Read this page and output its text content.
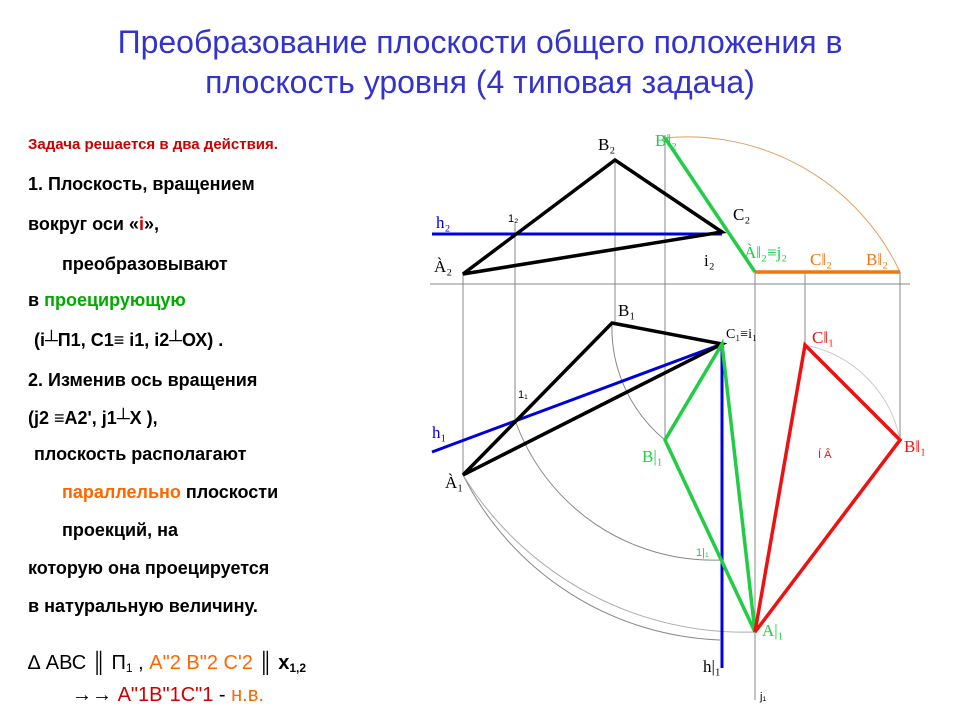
Преобразование плоскости общего положения в
плоскость уровня (4 типовая задача)
Задача решается в два действия.
1. Плоскость, вращением
вокруг оси «i»,
преобразовывают
в проецирующую
(i┴П1, С1≡ i1, i2┴ОХ) .
2. Изменив ось вращения
(j2 ≡А2', j1┴X ),
плоскость располагают
параллельно плоскости
проекций, на
которую она проецируется
в натуральную величину.
∆ АВС ║ $П_1$ , А"2 В"2 С'2 ║ $х_{1,2}$
→→ А"1В"1С"1 - н.в.
B₂ B‖₂
C₂
h₂	1₂
À₂	i₂ À‖₂≡j₂ C‖₂ B‖₂
B₁
C₁≡i₁	C‖₁
1₁
h₁
B|₁	Í Â	B‖₁
À₁
1|₁
A|₁
h|₁
j₁
